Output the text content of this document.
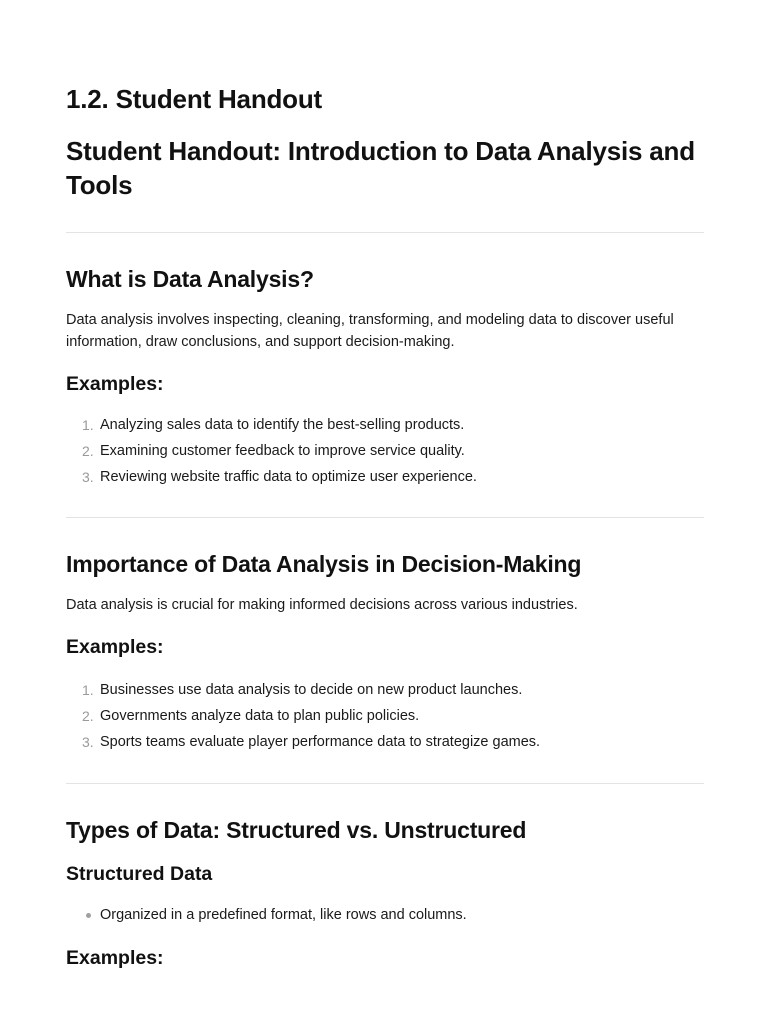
1.2. Student Handout
Student Handout: Introduction to Data Analysis and Tools
What is Data Analysis?

Data analysis involves inspecting, cleaning, transforming, and modeling data to discover useful information, draw conclusions, and support decision-making.

Examples:
1. Analyzing sales data to identify the best-selling products.
2. Examining customer feedback to improve service quality.
3. Reviewing website traffic data to optimize user experience.
Importance of Data Analysis in Decision-Making

Data analysis is crucial for making informed decisions across various industries.

Examples:
1. Businesses use data analysis to decide on new product launches.
2. Governments analyze data to plan public policies.
3. Sports teams evaluate player performance data to strategize games.
Types of Data: Structured vs. Unstructured
Structured Data
Organized in a predefined format, like rows and columns.
Examples:
